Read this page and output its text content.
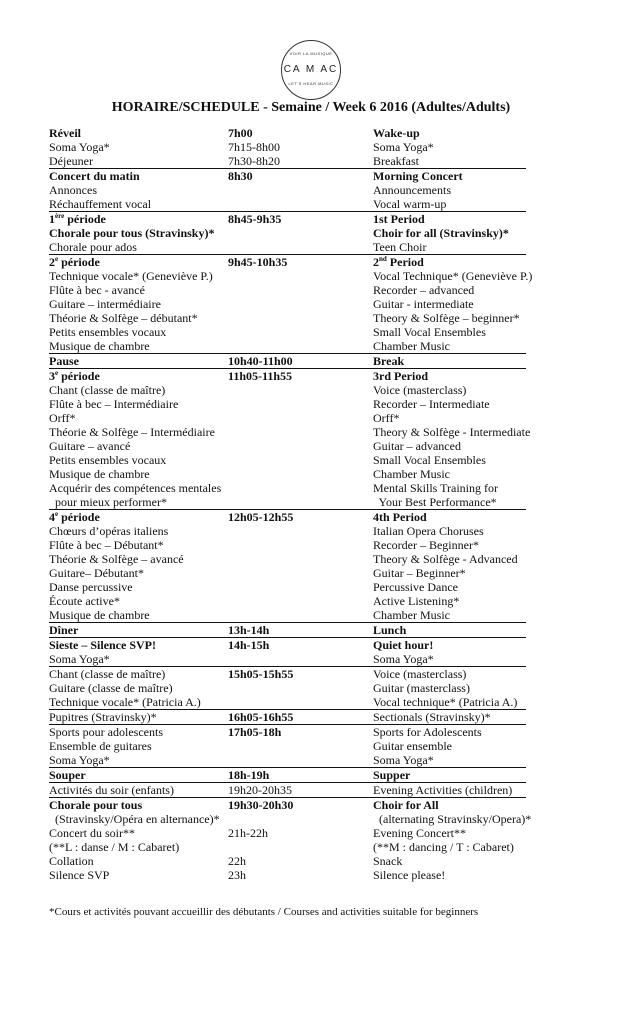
VOIR LA MUSIQUE
CA M AC
LET'S HEAR MUSIC
HORAIRE/SCHEDULE - Semaine / Week 6 2016 (Adultes/Adults)
Réveil	7h00	Wake-up
Soma Yoga*	7h15-8h00	Soma Yoga*
Déjeuner	7h30-8h20	Breakfast
Concert du matin	8h30	Morning Concert
Annonces	Announcements
Réchauffement vocal	Vocal warm-up
1ère période	8h45-9h35	1st Period
Chorale pour tous (Stravinsky)*	Choir for all (Stravinsky)*
Chorale pour ados	Teen Choir
2e période	9h45-10h35	2nd Period
Technique vocale* (Geneviève P.)	Vocal Technique* (Geneviève P.)
Flûte à bec - avancé	Recorder – advanced
Guitare – intermédiaire	Guitar - intermediate
Théorie & Solfège – débutant*	Theory & Solfège – beginner*
Petits ensembles vocaux	Small Vocal Ensembles
Musique de chambre	Chamber Music
Pause	10h40-11h00	Break
3e période	11h05-11h55	3rd Period
Chant (classe de maître)	Voice (masterclass)
Flûte à bec – Intermédiaire	Recorder – Intermediate
Orff*	Orff*
Théorie & Solfège – Intermédiaire	Theory & Solfège - Intermediate
Guitare – avancé	Guitar – advanced
Petits ensembles vocaux	Small Vocal Ensembles
Musique de chambre	Chamber Music
Acquérir des compétences mentales	Mental Skills Training for
pour mieux performer*	Your Best Performance*
4e période	12h05-12h55	4th Period
Chœurs d’opéras italiens	Italian Opera Choruses
Flûte à bec – Débutant*	Recorder – Beginner*
Théorie & Solfège – avancé	Theory & Solfège - Advanced
Guitare– Débutant*	Guitar – Beginner*
Danse percussive	Percussive Dance
Écoute active*	Active Listening*
Musique de chambre	Chamber Music
Dîner	13h-14h	Lunch
Sieste – Silence SVP!	14h-15h	Quiet hour!
Soma Yoga*	Soma Yoga*
Chant (classe de maître)	15h05-15h55	Voice (masterclass)
Guitare (classe de maître)	Guitar (masterclass)
Technique vocale* (Patricia A.)	Vocal technique* (Patricia A.)
Pupitres (Stravinsky)*	16h05-16h55	Sectionals (Stravinsky)*
Sports pour adolescents	17h05-18h	Sports for Adolescents
Ensemble de guitares	Guitar ensemble
Soma Yoga*	Soma Yoga*
Souper	18h-19h	Supper
Activités du soir (enfants)	19h20-20h35	Evening Activities (children)
Chorale pour tous	19h30-20h30	Choir for All
(Stravinsky/Opéra en alternance)*	(alternating Stravinsky/Opera)*
Concert du soir**	21h-22h	Evening Concert**
(**L : danse / M : Cabaret)	(**M : dancing / T : Cabaret)
Collation	22h	Snack
Silence SVP	23h	Silence please!
*Cours et activités pouvant accueillir des débutants / Courses and activities suitable for beginners
